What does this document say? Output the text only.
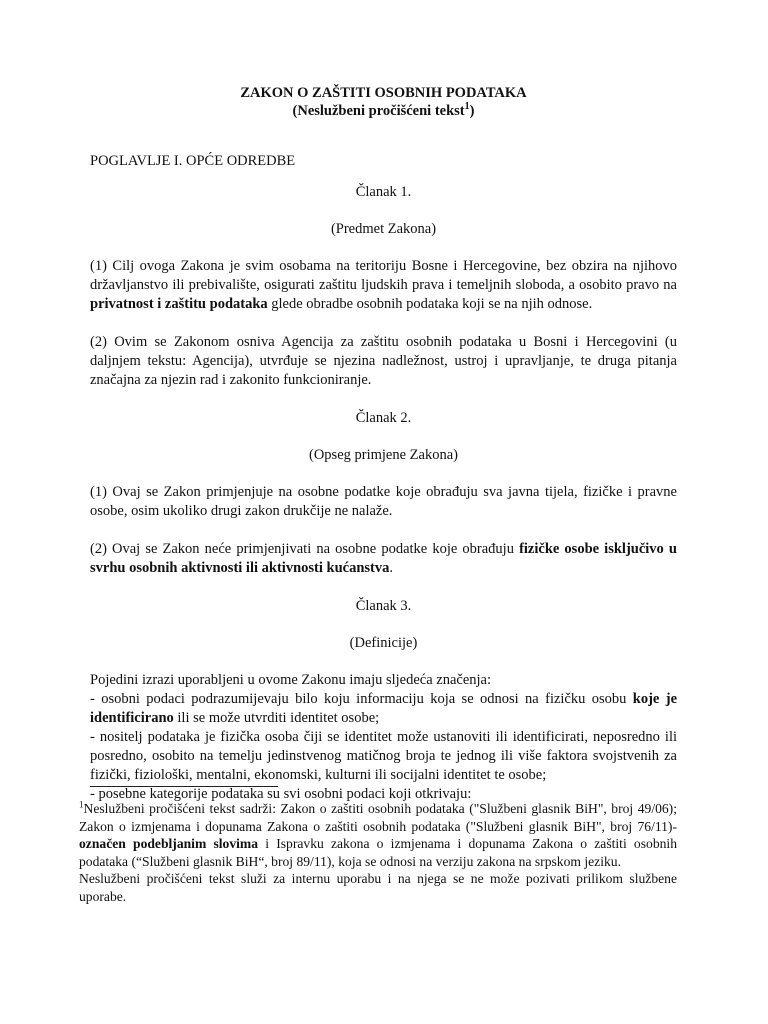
ZAKON O ZAŠTITI OSOBNIH PODATAKA

(Neslužbeni pročišćeni tekst$^1$)

POGLAVLJE I. OPĆE ODREDBE

Članak 1.

(Predmet Zakona)

(1) Cilj ovoga Zakona je svim osobama na teritoriju Bosne i Hercegovine, bez obzira na njihovo državljanstvo ili prebivalište, osigurati zaštitu ljudskih prava i temeljnih sloboda, a osobito pravo na privatnost i zaštitu podataka glede obradbe osobnih podataka koji se na njih odnose.

(2) Ovim se Zakonom osniva Agencija za zaštitu osobnih podataka u Bosni i Hercegovini (u daljnjem tekstu: Agencija), utvrđuje se njezina nadležnost, ustroj i upravljanje, te druga pitanja značajna za njezin rad i zakonito funkcioniranje.

Članak 2.

(Opseg primjene Zakona)

(1) Ovaj se Zakon primjenjuje na osobne podatke koje obrađuju sva javna tijela, fizičke i pravne osobe, osim ukoliko drugi zakon drukčije ne nalaže.

(2) Ovaj se Zakon neće primjenjivati na osobne podatke koje obrađuju fizičke osobe isključivo u svrhu osobnih aktivnosti ili aktivnosti kućanstva.

Članak 3.

(Definicije)

Pojedini izrazi uporabljeni u ovome Zakonu imaju sljedeća značenja:

- osobni podaci podrazumijevaju bilo koju informaciju koja se odnosi na fizičku osobu koje je identificirano ili se može utvrditi identitet osobe;

- nositelj podataka je fizička osoba čiji se identitet može ustanoviti ili identificirati, neposredno ili posredno, osobito na temelju jedinstvenog matičnog broja te jednog ili više faktora svojstvenih za fizički, fiziološki, mentalni, ekonomski, kulturni ili socijalni identitet te osobe;

- posebne kategorije podataka su svi osobni podaci koji otkrivaju:

$^1$Neslužbeni pročišćeni tekst sadrži: Zakon o zaštiti osobnih podataka ("Službeni glasnik BiH", broj 49/06); Zakon o izmjenama i dopunama Zakona o zaštiti osobnih podataka ("Službeni glasnik BiH", broj 76/11)-označen podebljanim slovima i Ispravku zakona o izmjenama i dopunama Zakona o zaštiti osobnih podataka (“Službeni glasnik BiH“, broj 89/11), koja se odnosi na verziju zakona na srpskom jeziku.

Neslužbeni pročišćeni tekst služi za internu uporabu i na njega se ne može pozivati prilikom službene uporabe.
